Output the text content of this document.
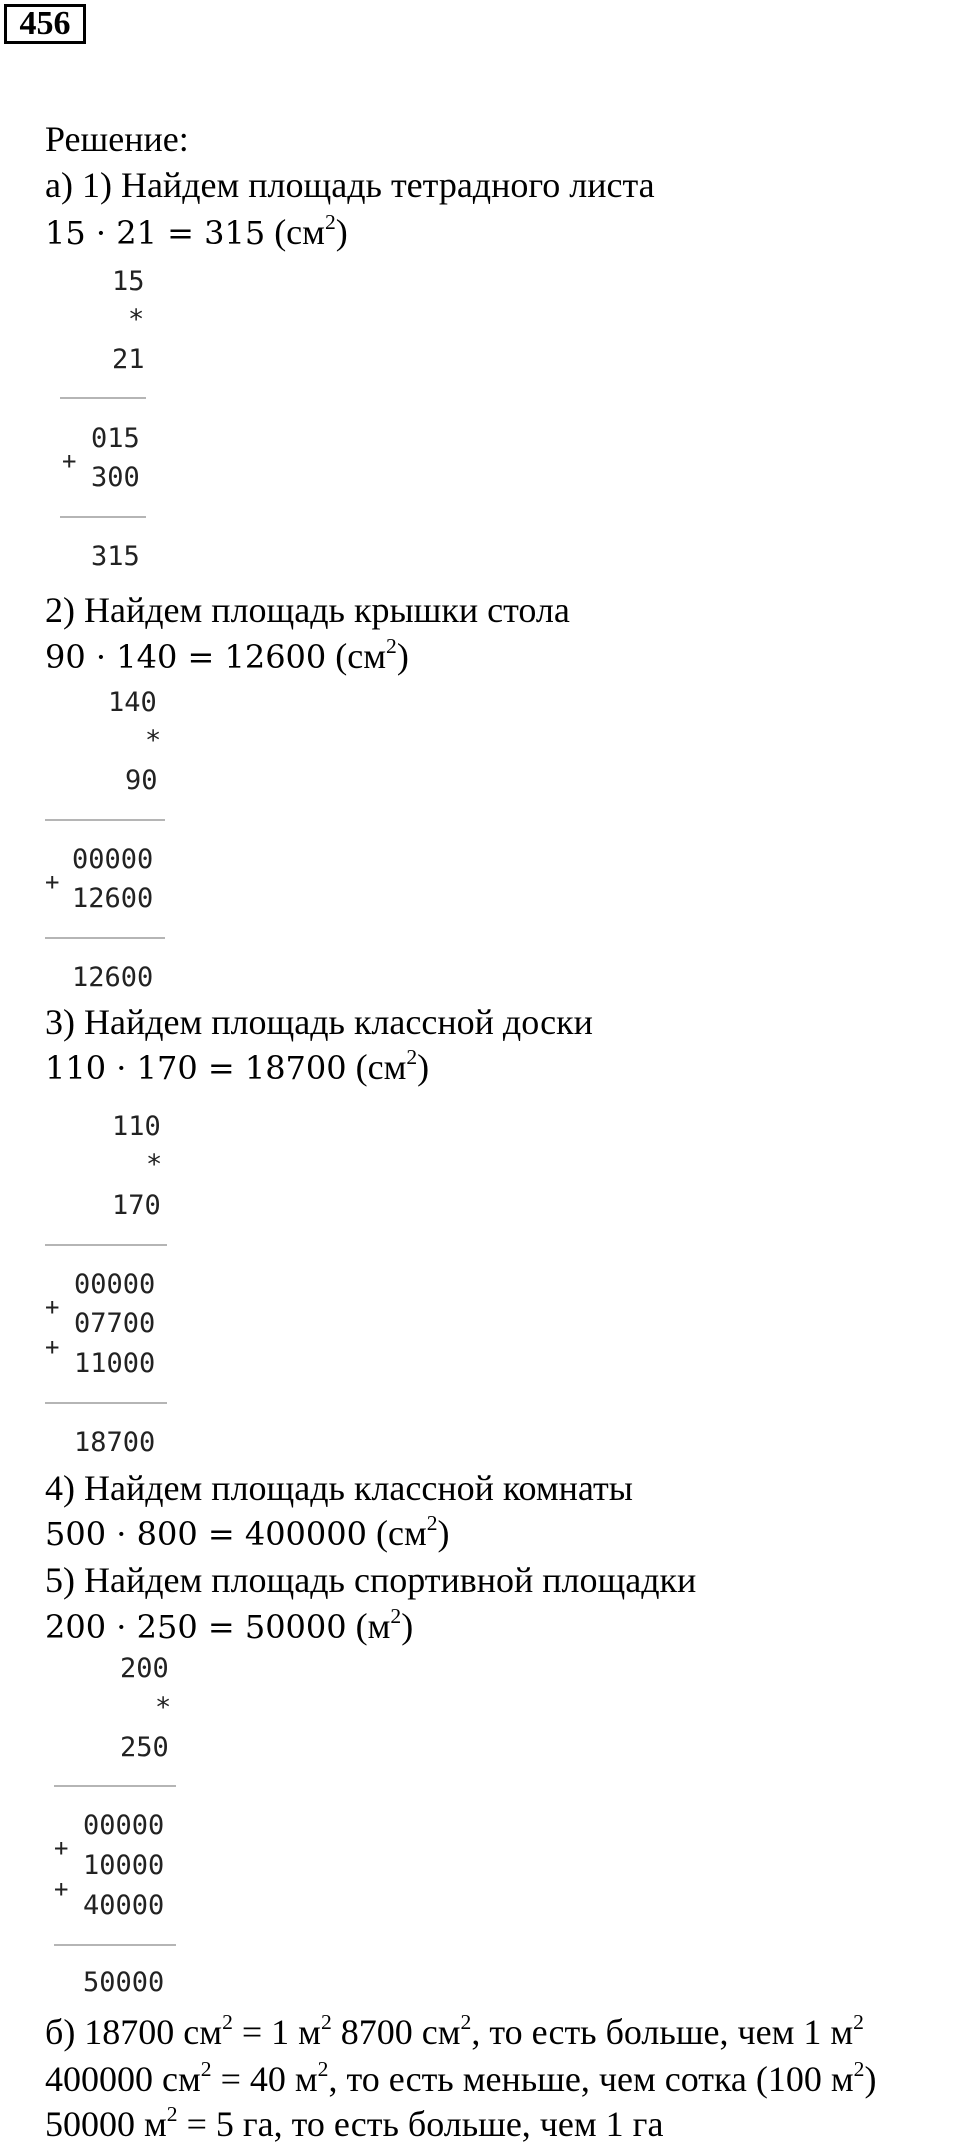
456
Решение:
а) 1) Найдем площадь тетрадного листа
15 · 21 = 315 $(см^2)$
15
*
21
015
+
300
315
2) Найдем площадь крышки стола
90 · 140 = 12600 $(см^2)$
140
*
90
00000
+
12600
12600
3) Найдем площадь классной доски
110 · 170 = 18700 $(см^2)$
110
*
170
00000
+
07700
+
11000
18700
4) Найдем площадь классной комнаты
500 · 800 = 400000 $(см^2)$
5) Найдем площадь спортивной площадки
200 · 250 = 50000 $(м^2)$
200
*
250
00000
+
10000
+
40000
50000
б) 18700 $см^2 = 1$ $м^2$ 8700 $см^2$, то есть больше, чем 1 $м^2$
400000 $см^2 = 40$ $м^2$, то есть меньше, чем сотка (100 $м^2$)
50000 $м^2 = 5$ га, то есть больше, чем 1 га
